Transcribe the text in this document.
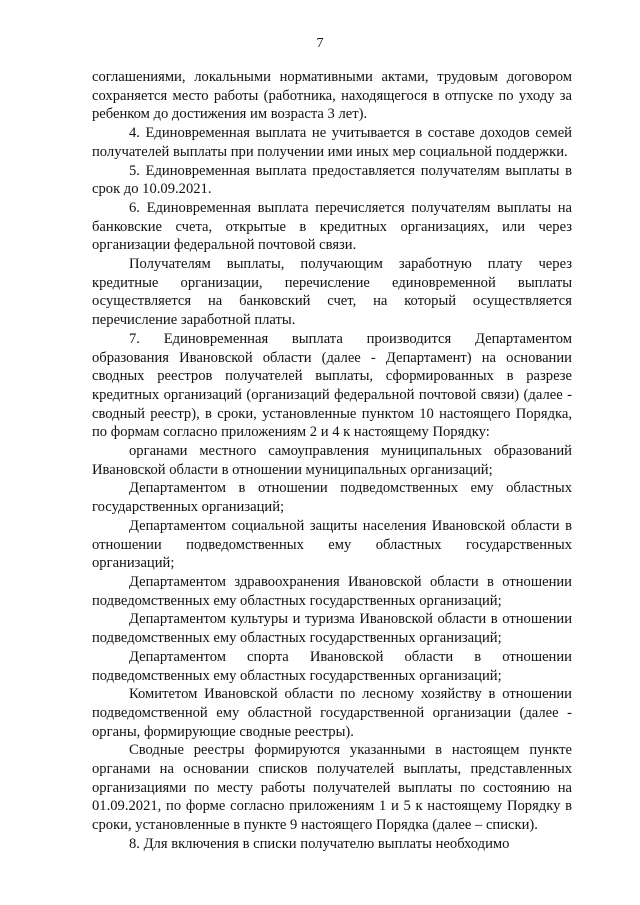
7

соглашениями, локальными нормативными актами, трудовым договором сохраняется место работы (работника, находящегося в отпуске по уходу за ребенком до достижения им возраста 3 лет).

4. Единовременная выплата не учитывается в составе доходов семей получателей выплаты при получении ими иных мер социальной поддержки.

5. Единовременная выплата предоставляется получателям выплаты в срок до 10.09.2021.

6. Единовременная выплата перечисляется получателям выплаты на банковские счета, открытые в кредитных организациях, или через организации федеральной почтовой связи.

Получателям выплаты, получающим заработную плату через кредитные организации, перечисление единовременной выплаты осуществляется на банковский счет, на который осуществляется перечисление заработной платы.

7. Единовременная выплата производится Департаментом образования Ивановской области (далее - Департамент) на основании сводных реестров получателей выплаты, сформированных в разрезе кредитных организаций (организаций федеральной почтовой связи) (далее - сводный реестр), в сроки, установленные пунктом 10 настоящего Порядка, по формам согласно приложениям 2 и 4 к настоящему Порядку:

органами местного самоуправления муниципальных образований Ивановской области в отношении муниципальных организаций;

Департаментом в отношении подведомственных ему областных государственных организаций;

Департаментом социальной защиты населения Ивановской области в отношении подведомственных ему областных государственных организаций;

Департаментом здравоохранения Ивановской области в отношении подведомственных ему областных государственных организаций;

Департаментом культуры и туризма Ивановской области в отношении подведомственных ему областных государственных организаций;

Департаментом спорта Ивановской области в отношении подведомственных ему областных государственных организаций;

Комитетом Ивановской области по лесному хозяйству в отношении подведомственной ему областной государственной организации (далее - органы, формирующие сводные реестры).

Сводные реестры формируются указанными в настоящем пункте органами на основании списков получателей выплаты, представленных организациями по месту работы получателей выплаты по состоянию на 01.09.2021, по форме согласно приложениям 1 и 5 к настоящему Порядку в сроки, установленные в пункте 9 настоящего Порядка (далее – списки).

8. Для включения в списки получателю выплаты необходимо
